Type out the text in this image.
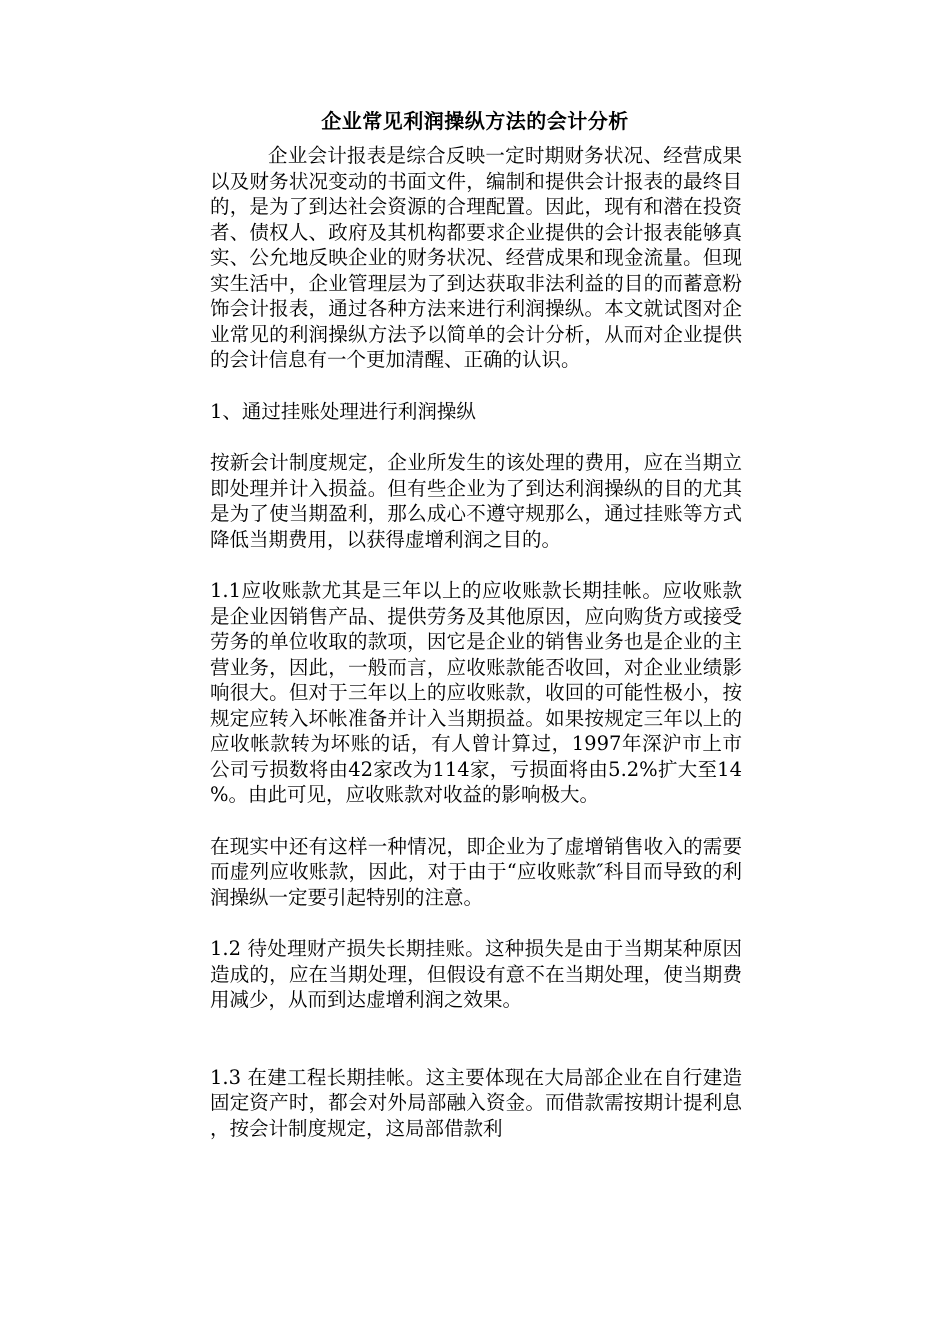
企业常见利润操纵方法的会计分析

企业会计报表是综合反映一定时期财务状况、经营成果以及财务状况变动的书面文件，编制和提供会计报表的最终目的，是为了到达社会资源的合理配置。因此，现有和潜在投资者、债权人、政府及其机构都要求企业提供的会计报表能够真实、公允地反映企业的财务状况、经营成果和现金流量。但现实生活中，企业管理层为了到达获取非法利益的目的而蓄意粉饰会计报表，通过各种方法来进行利润操纵。本文就试图对企业常见的利润操纵方法予以简单的会计分析，从而对企业提供的会计信息有一个更加清醒、正确的认识。

1、通过挂账处理进行利润操纵

按新会计制度规定，企业所发生的该处理的费用，应在当期立即处理并计入损益。但有些企业为了到达利润操纵的目的尤其是为了使当期盈利，那么成心不遵守规那么，通过挂账等方式降低当期费用，以获得虚增利润之目的。

1.1应收账款尤其是三年以上的应收账款长期挂帐。应收账款是企业因销售产品、提供劳务及其他原因，应向购货方或接受劳务的单位收取的款项，因它是企业的销售业务也是企业的主营业务，因此，一般而言，应收账款能否收回，对企业业绩影响很大。但对于三年以上的应收账款，收回的可能性极小，按规定应转入坏帐准备并计入当期损益。如果按规定三年以上的应收帐款转为坏账的话，有人曾计算过，1997年深沪市上市公司亏损数将由42家改为114家，亏损面将由5.2%扩大至14%。由此可见，应收账款对收益的影响极大。

在现实中还有这样一种情况，即企业为了虚增销售收入的需要而虚列应收账款，因此，对于由于“应收账款″科目而导致的利润操纵一定要引起特别的注意。

1.2 待处理财产损失长期挂账。这种损失是由于当期某种原因造成的，应在当期处理，但假设有意不在当期处理，使当期费用减少，从而到达虚增利润之效果。

1.3 在建工程长期挂帐。这主要体现在大局部企业在自行建造固定资产时，都会对外局部融入资金。而借款需按期计提利息，按会计制度规定，这局部借款利
